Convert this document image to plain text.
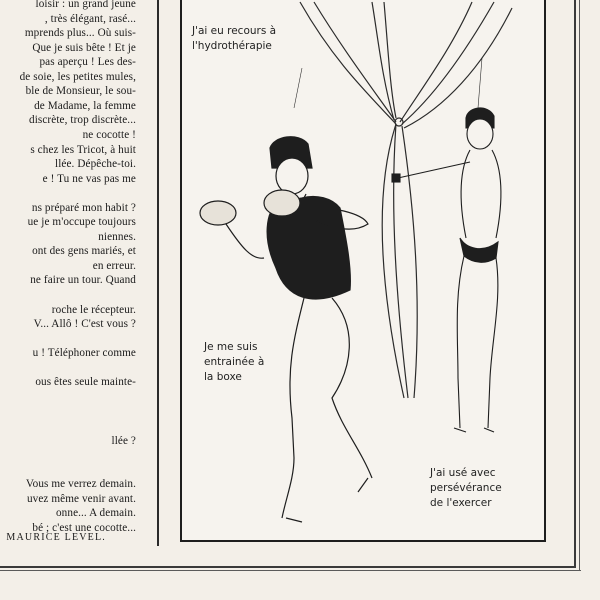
loisir : un grand jeune
, très élégant, rasé...
mprends plus... Où suis-
Que je suis bête ! Et je
pas aperçu ! Les des-
de soie, les petites mules,
ble de Monsieur, le sou-
de Madame, la femme
discrète, trop discrète...
ne cocotte !
s chez les Tricot, à huit
llée. Dépêche-toi.
e ! Tu ne vas pas me
ns préparé mon habit ?
ue je m'occupe toujours
niennes.
ont des gens mariés, et
en erreur.
ne faire un tour. Quand
roche le récepteur.
V... Allô ! C'est vous ?
u ! Téléphoner comme
ous êtes seule mainte-
llée ?
Vous me verrez demain.
uvez même venir avant.
onne... A demain.
bé ; c'est une cocotte...
MAURICE LEVEL.
J'ai eu recours à
l'hydrothérapie
Je me suis
entrainée à
la boxe
J'ai usé avec
persévérance
de l'exercer
